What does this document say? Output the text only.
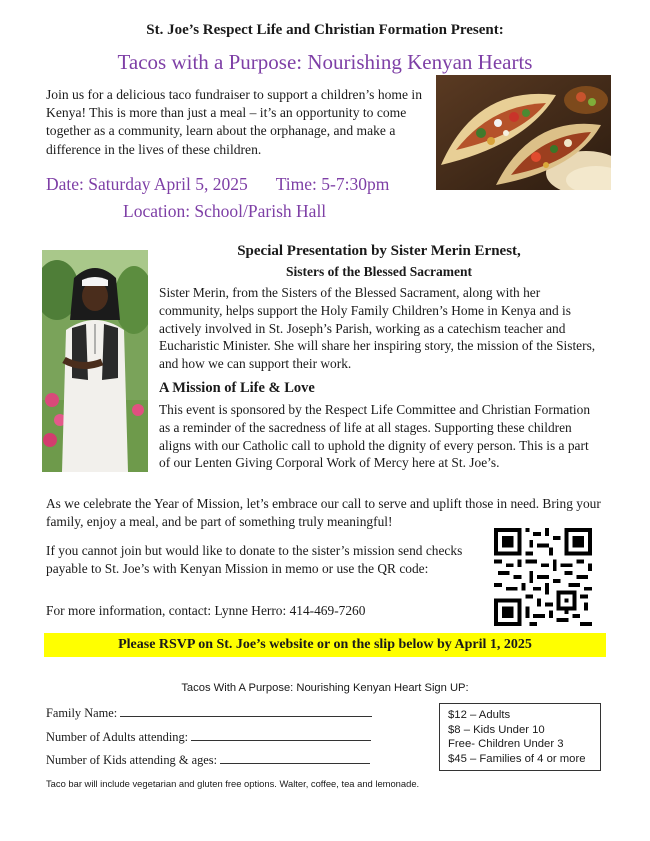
St. Joe’s Respect Life and Christian Formation Present:
Tacos with a Purpose: Nourishing Kenyan Hearts
Join us for a delicious taco fundraiser to support a children’s home in Kenya! This is more than just a meal – it’s an opportunity to come together as a community, learn about the orphanage, and make a difference in the lives of these children.
Date: Saturday April 5, 2025 Time: 5-7:30pm
Location: School/Parish Hall
Special Presentation by Sister Merin Ernest,
Sisters of the Blessed Sacrament
Sister Merin, from the Sisters of the Blessed Sacrament, along with her community, helps support the Holy Family Children’s Home in Kenya and is actively involved in St. Joseph’s Parish, working as a catechism teacher and Eucharistic Minister. She will share her inspiring story, the mission of the Sisters, and how we can support their work.
A Mission of Life & Love
This event is sponsored by the Respect Life Committee and Christian Formation as a reminder of the sacredness of life at all stages. Supporting these children aligns with our Catholic call to uphold the dignity of every person. This is a part of our Lenten Giving Corporal Work of Mercy here at St. Joe’s.
As we celebrate the Year of Mission, let’s embrace our call to serve and uplift those in need. Bring your family, enjoy a meal, and be part of something truly meaningful!
If you cannot join but would like to donate to the sister’s mission send checks payable to St. Joe’s with Kenyan Mission in memo or use the QR code:
For more information, contact: Lynne Herro: 414-469-7260
Please RSVP on St. Joe’s website or on the slip below by April 1, 2025
Tacos With A Purpose: Nourishing Kenyan Heart Sign UP:
Family Name:
Number of Adults attending:
Number of Kids attending & ages:
$12 – Adults
$8 – Kids Under 10
Free- Children Under 3
$45 – Families of 4 or more
Taco bar will include vegetarian and gluten free options. Walter, coffee, tea and lemonade.
